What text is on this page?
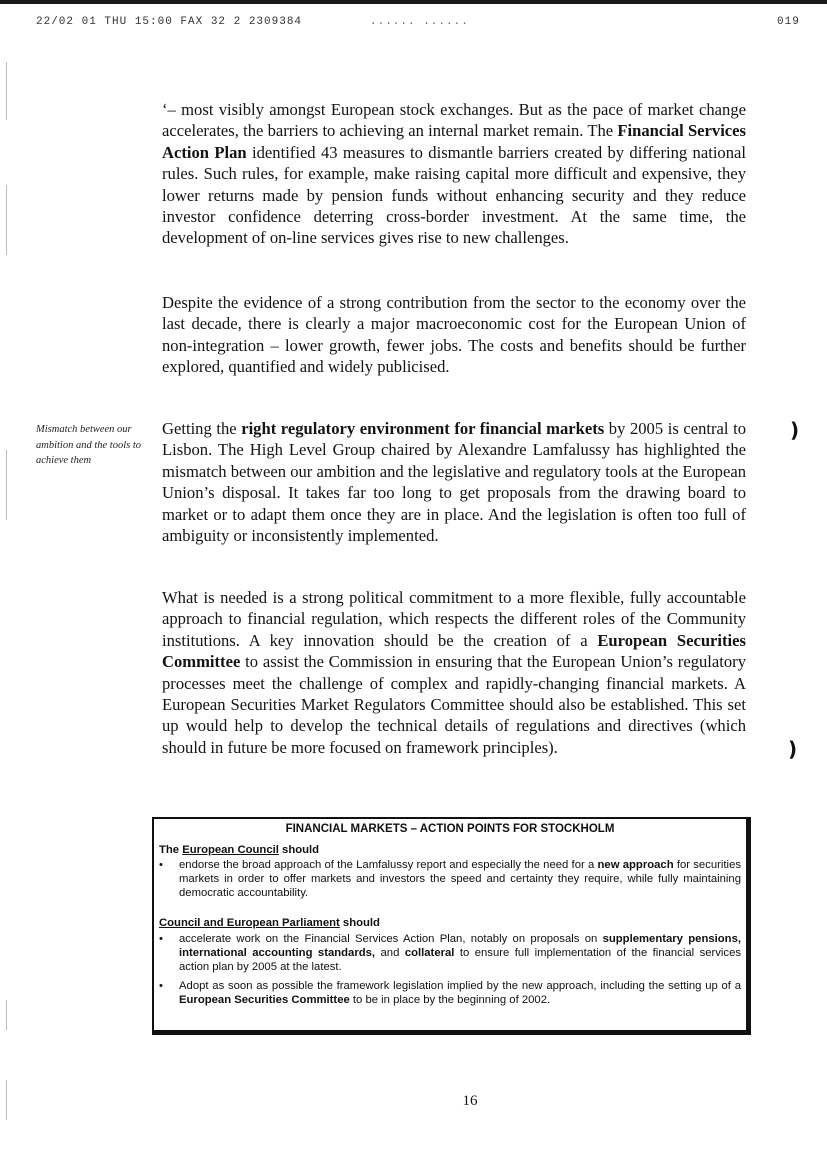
22/02 01 THU 15:00 FAX 32 2 2309384	...... ......	019

‘– most visibly amongst European stock exchanges. But as the pace of market change accelerates, the barriers to achieving an internal market remain. The Financial Services Action Plan identified 43 measures to dismantle barriers created by differing national rules. Such rules, for example, make raising capital more difficult and expensive, they lower returns made by pension funds without enhancing security and they reduce investor confidence deterring cross-border investment. At the same time, the development of on-line services gives rise to new challenges.

Despite the evidence of a strong contribution from the sector to the economy over the last decade, there is clearly a major macroeconomic cost for the European Union of non-integration – lower growth, fewer jobs. The costs and benefits should be further explored, quantified and widely publicised.

Mismatch between our ambition and the tools to achieve them

Getting the right regulatory environment for financial markets by 2005 is central to Lisbon. The High Level Group chaired by Alexandre Lamfalussy has highlighted the mismatch between our ambition and the legislative and regulatory tools at the European Union’s disposal. It takes far too long to get proposals from the drawing board to market or to adapt them once they are in place. And the legislation is often too full of ambiguity or inconsistently implemented.

What is needed is a strong political commitment to a more flexible, fully accountable approach to financial regulation, which respects the different roles of the Community institutions. A key innovation should be the creation of a European Securities Committee to assist the Commission in ensuring that the European Union’s regulatory processes meet the challenge of complex and rapidly-changing financial markets. A European Securities Market Regulators Committee should also be established. This set up would help to develop the technical details of regulations and directives (which should in future be more focused on framework principles).

)
)
FINANCIAL MARKETS – ACTION POINTS FOR STOCKHOLM
The European Council should
• endorse the broad approach of the Lamfalussy report and especially the need for a new approach for securities markets in order to offer markets and investors the speed and certainty they require, while fully maintaining democratic accountability.
Council and European Parliament should
• accelerate work on the Financial Services Action Plan, notably on proposals on supplementary pensions, international accounting standards, and collateral to ensure full implementation of the financial services action plan by 2005 at the latest.
• Adopt as soon as possible the framework legislation implied by the new approach, including the setting up of a European Securities Committee to be in place by the beginning of 2002.
16
